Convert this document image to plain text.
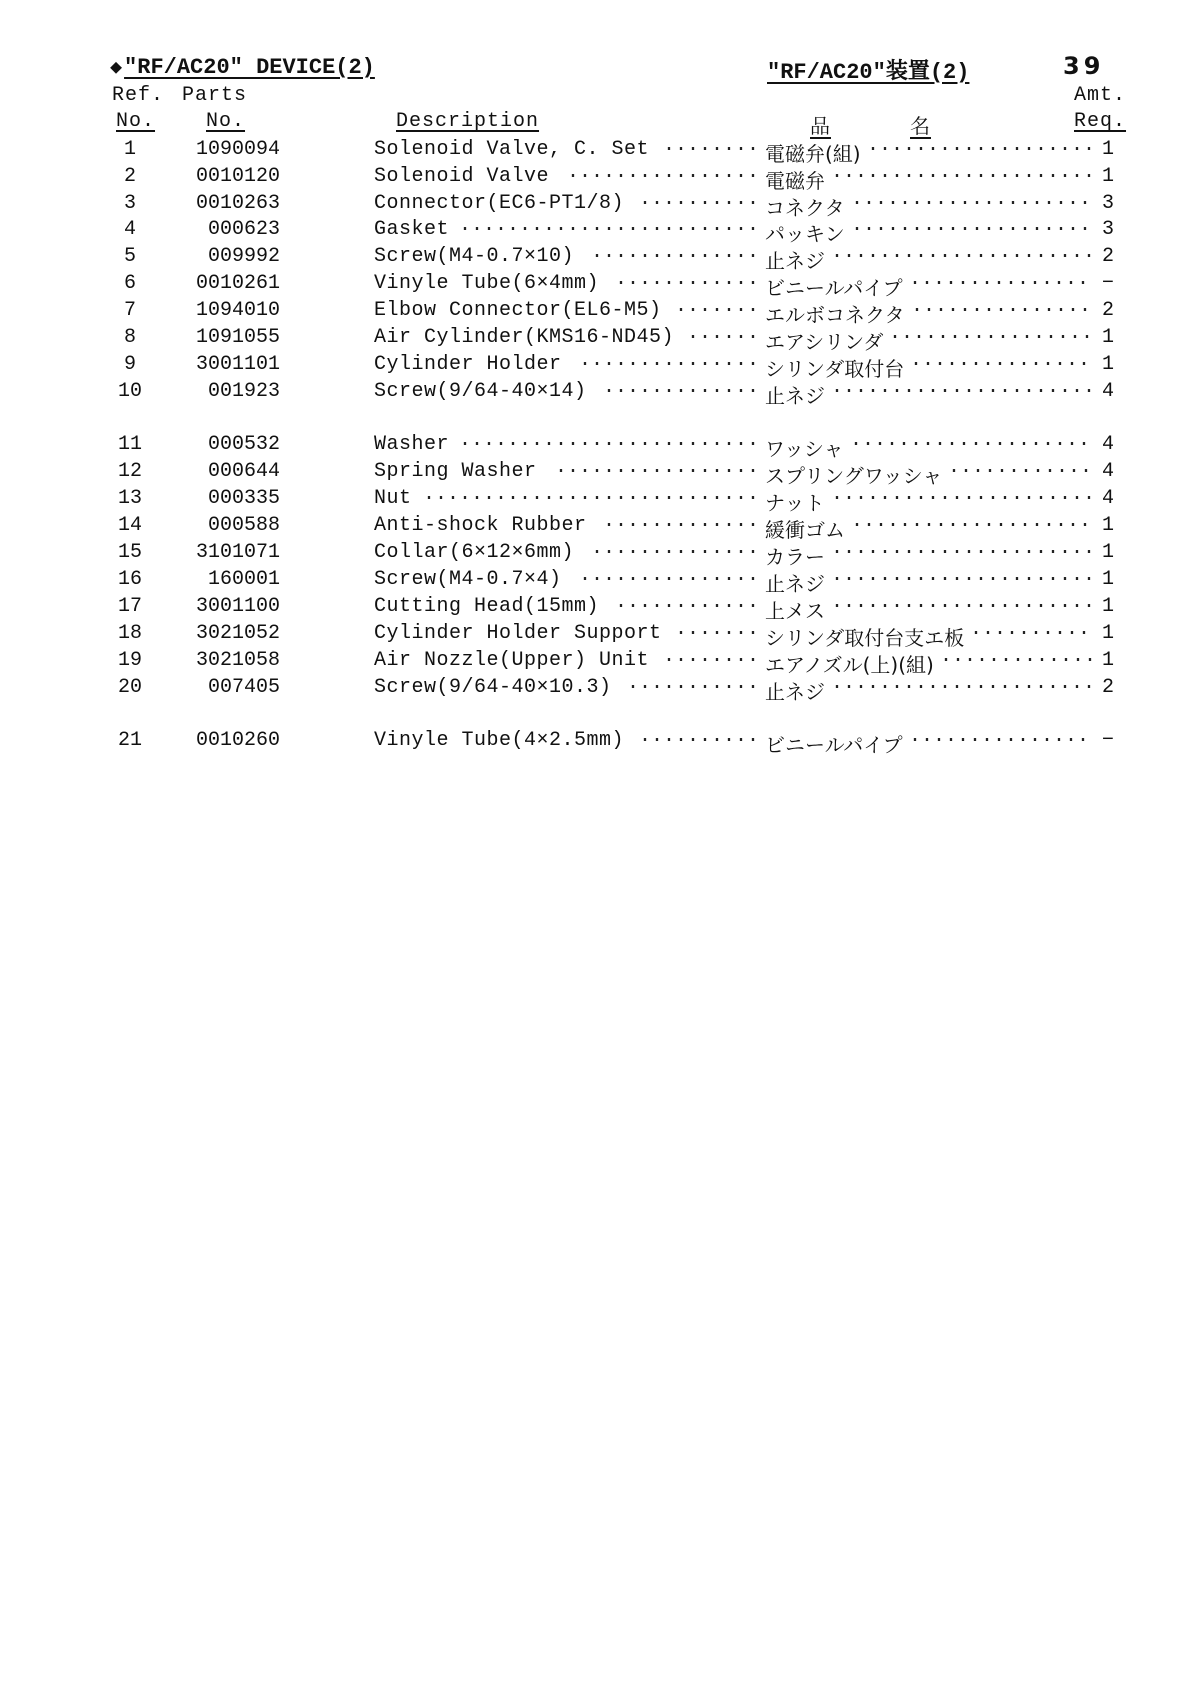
◆"RF/AC20" DEVICE(2)	"RF/AC20"装置(2)	39
Ref.
No.
Parts
No.	Description	品	名
Amt.
Req.
1	1090094	Solenoid Valve, C. Set ········ 電磁弁(組) ··················· 1
2	0010120	Solenoid Valve ················ 電磁弁 ······················ 1
3	0010263	Connector(EC6-PT1/8) ·········· コネクタ ···················· 3
4	000623	Gasket ························· パッキン ···················· 3
5	009992	Screw(M4-0.7×10) ·············· 止ネジ ······················ 2
6	0010261	Vinyle Tube(6×4mm) ············ ビニールパイプ ··············· −
7	1094010	Elbow Connector(EL6-M5) ······· エルボコネクタ ··············· 2
8	1091055	Air Cylinder(KMS16-ND45) ······ エアシリンダ ················· 1
9	3001101	Cylinder Holder ··············· シリンダ取付台 ··············· 1
10	001923	Screw(9/64-40×14) ············· 止ネジ ······················ 4
11	000532	Washer ························· ワッシャ ···················· 4
12	000644	Spring Washer ················· スプリングワッシャ ············ 4
13	000335	Nut ···························· ナット ······················ 4
14	000588	Anti-shock Rubber ············· 緩衝ゴム ···················· 1
15	3101071	Collar(6×12×6mm) ·············· カラー ······················ 1
16	160001	Screw(M4-0.7×4) ··············· 止ネジ ······················ 1
17	3001100	Cutting Head(15mm) ············ 上メス ······················ 1
18	3021052	Cylinder Holder Support ······· シリンダ取付台支エ板 ·········· 1
19	3021058	Air Nozzle(Upper) Unit ········ エアノズル(上)(組) ············· 1
20	007405	Screw(9/64-40×10.3) ··········· 止ネジ ······················ 2
21	0010260	Vinyle Tube(4×2.5mm) ·········· ビニールパイプ ··············· −
